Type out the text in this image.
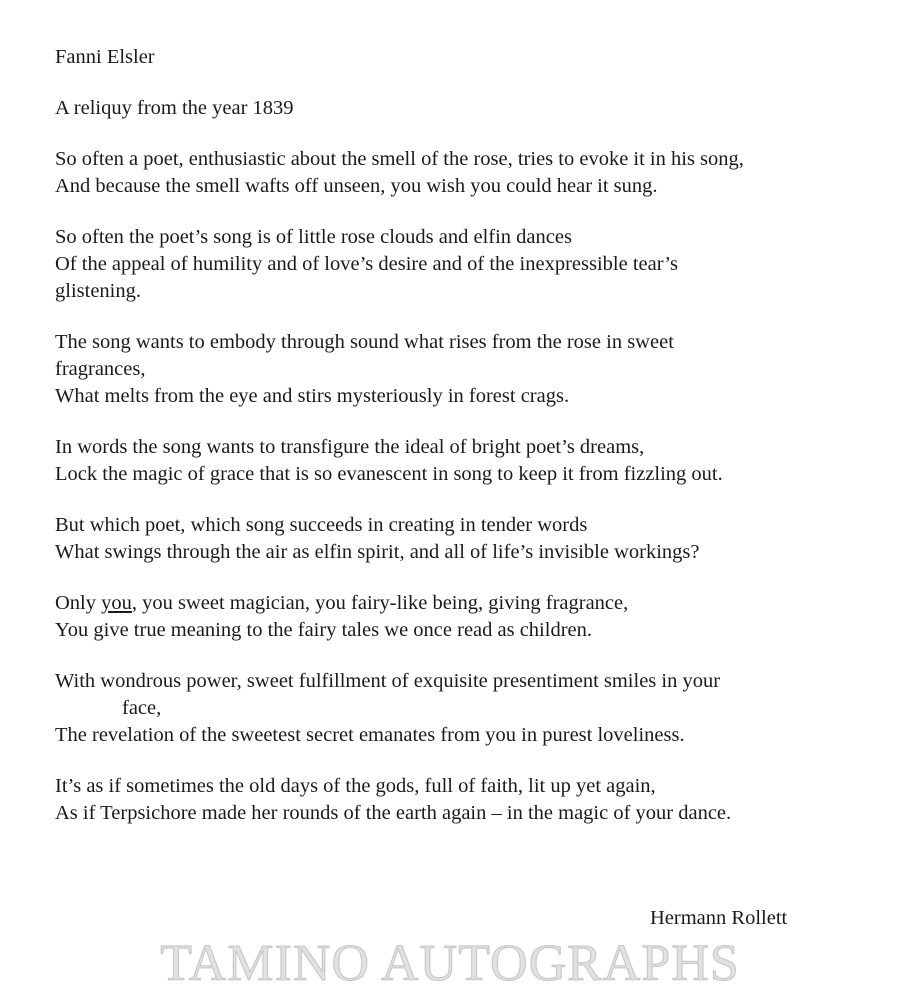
TAMINO AUTOGRAPHS
Fanni Elsler
A reliquy from the year 1839
So often a poet, enthusiastic about the smell of the rose, tries to evoke it in his song,
And because the smell wafts off unseen, you wish you could hear it sung.
So often the poet’s song is of little rose clouds and elfin dances
Of the appeal of humility and of love’s desire and of the inexpressible tear’s
glistening.
The song wants to embody through sound what rises from the rose in sweet
fragrances,
What melts from the eye and stirs mysteriously in forest crags.
In words the song wants to transfigure the ideal of bright poet’s dreams,
Lock the magic of grace that is so evanescent in song to keep it from fizzling out.
But which poet, which song succeeds in creating in tender words
What swings through the air as elfin spirit, and all of life’s invisible workings?
Only you, you sweet magician, you fairy-like being, giving fragrance,
You give true meaning to the fairy tales we once read as children.
With wondrous power, sweet fulfillment of exquisite presentiment smiles in your
face,
The revelation of the sweetest secret emanates from you in purest loveliness.
It’s as if sometimes the old days of the gods, full of faith, lit up yet again,
As if Terpsichore made her rounds of the earth again – in the magic of your dance.
Hermann Rollett
